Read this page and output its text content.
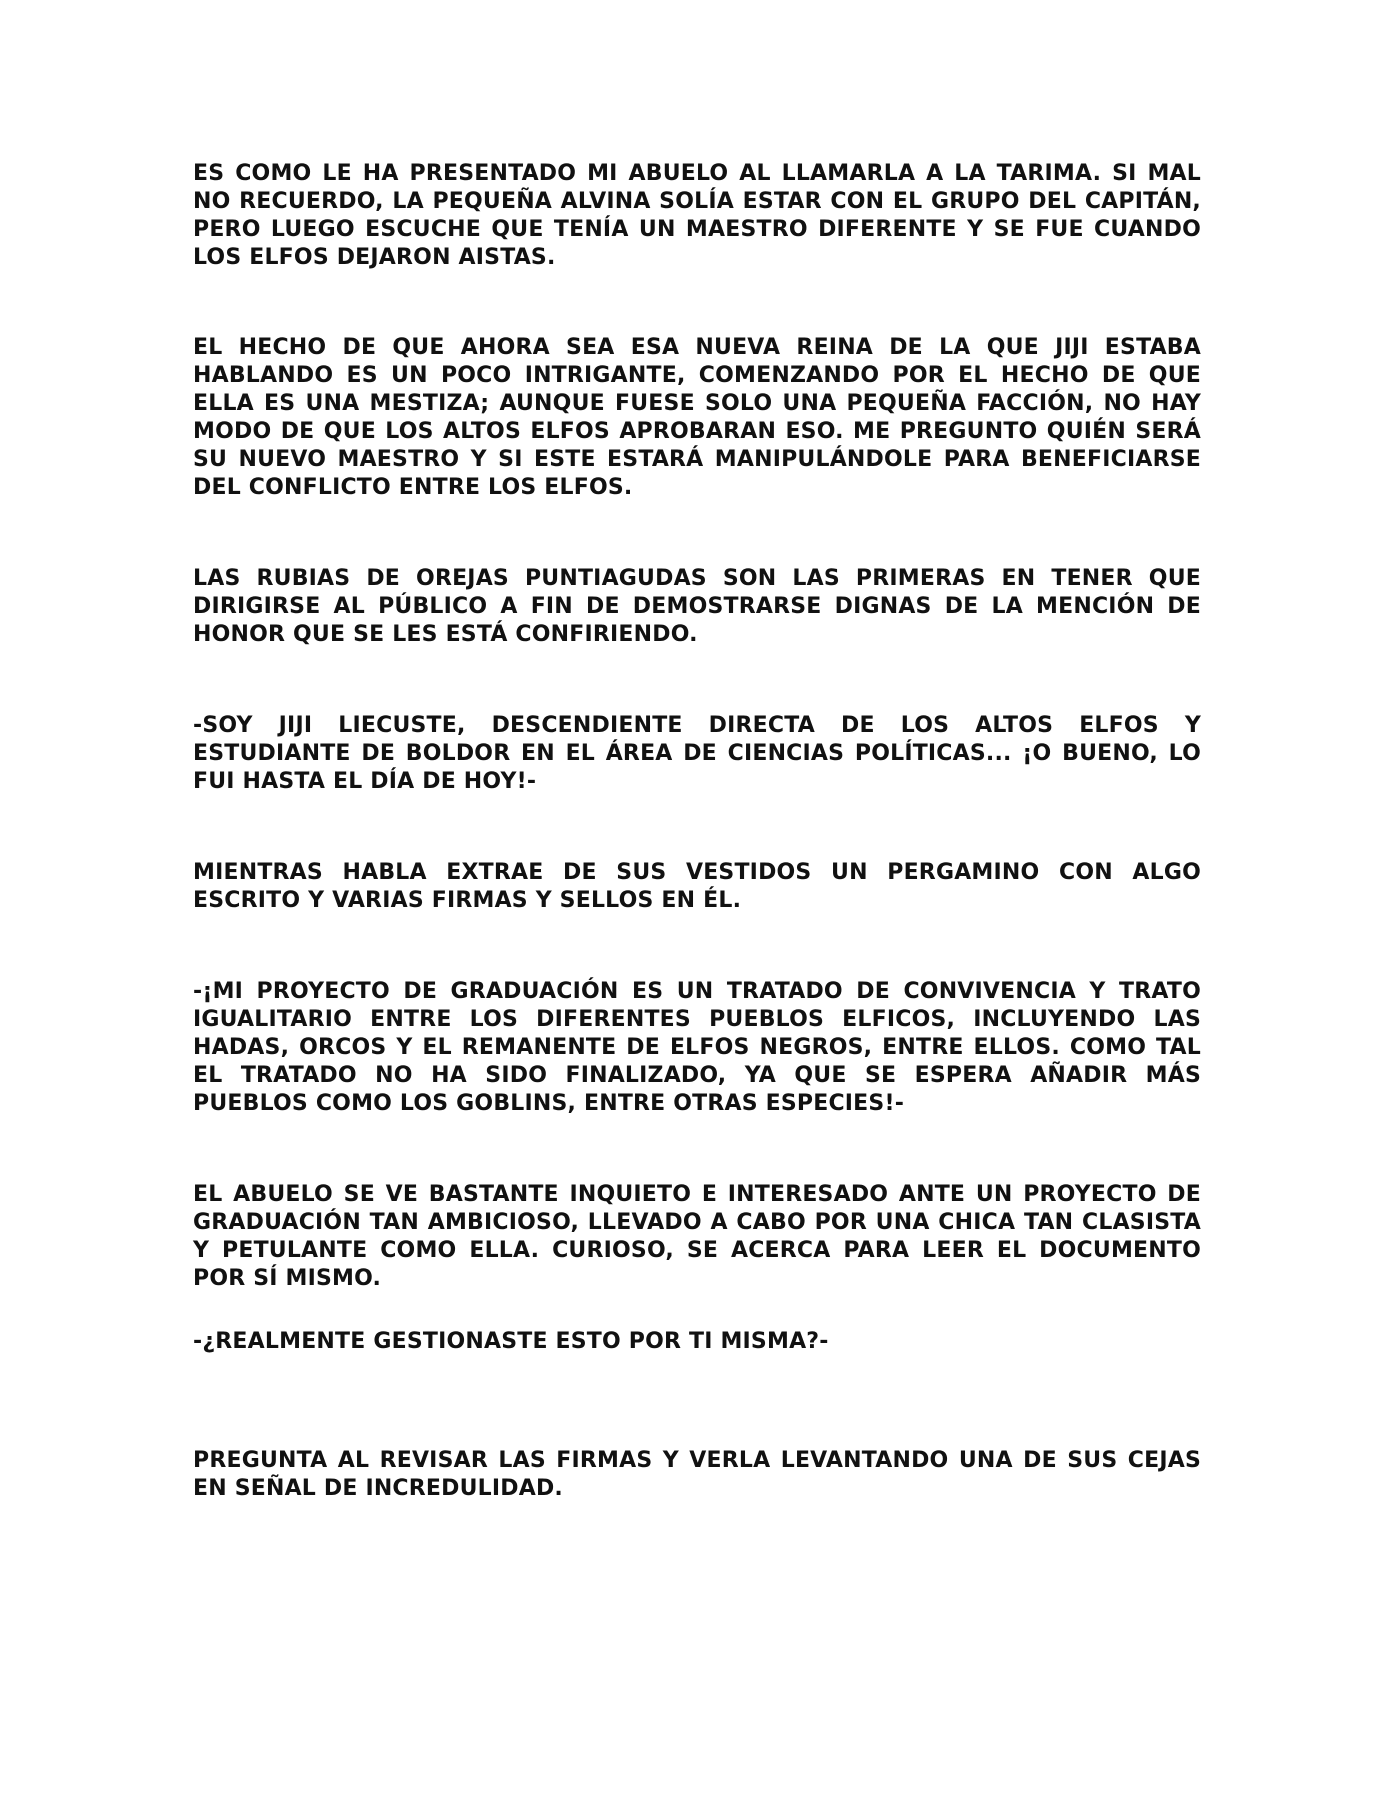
ES COMO LE HA PRESENTADO MI ABUELO AL LLAMARLA A LA TARIMA. SI MAL NO RECUERDO, LA PEQUEÑA ALVINA SOLÍA ESTAR CON EL GRUPO DEL CAPITÁN, PERO LUEGO ESCUCHE QUE TENÍA UN MAESTRO DIFERENTE Y SE FUE CUANDO LOS ELFOS DEJARON AISTAS.

EL HECHO DE QUE AHORA SEA ESA NUEVA REINA DE LA QUE JIJI ESTABA HABLANDO ES UN POCO INTRIGANTE, COMENZANDO POR EL HECHO DE QUE ELLA ES UNA MESTIZA; AUNQUE FUESE SOLO UNA PEQUEÑA FACCIÓN, NO HAY MODO DE QUE LOS ALTOS ELFOS APROBARAN ESO. ME PREGUNTO QUIÉN SERÁ SU NUEVO MAESTRO Y SI ESTE ESTARÁ MANIPULÁNDOLE PARA BENEFICIARSE DEL CONFLICTO ENTRE LOS ELFOS.

LAS RUBIAS DE OREJAS PUNTIAGUDAS SON LAS PRIMERAS EN TENER QUE DIRIGIRSE AL PÚBLICO A FIN DE DEMOSTRARSE DIGNAS DE LA MENCIÓN DE HONOR QUE SE LES ESTÁ CONFIRIENDO.

-SOY JIJI LIECUSTE, DESCENDIENTE DIRECTA DE LOS ALTOS ELFOS Y ESTUDIANTE DE BOLDOR EN EL ÁREA DE CIENCIAS POLÍTICAS... ¡O BUENO, LO FUI HASTA EL DÍA DE HOY!-

MIENTRAS HABLA EXTRAE DE SUS VESTIDOS UN PERGAMINO CON ALGO ESCRITO Y VARIAS FIRMAS Y SELLOS EN ÉL.

-¡MI PROYECTO DE GRADUACIÓN ES UN TRATADO DE CONVIVENCIA Y TRATO IGUALITARIO ENTRE LOS DIFERENTES PUEBLOS ELFICOS, INCLUYENDO LAS HADAS, ORCOS Y EL REMANENTE DE ELFOS NEGROS, ENTRE ELLOS. COMO TAL EL TRATADO NO HA SIDO FINALIZADO, YA QUE SE ESPERA AÑADIR MÁS PUEBLOS COMO LOS GOBLINS, ENTRE OTRAS ESPECIES!-

EL ABUELO SE VE BASTANTE INQUIETO E INTERESADO ANTE UN PROYECTO DE GRADUACIÓN TAN AMBICIOSO, LLEVADO A CABO POR UNA CHICA TAN CLASISTA Y PETULANTE COMO ELLA. CURIOSO, SE ACERCA PARA LEER EL DOCUMENTO POR SÍ MISMO.

-¿REALMENTE GESTIONASTE ESTO POR TI MISMA?-

PREGUNTA AL REVISAR LAS FIRMAS Y VERLA LEVANTANDO UNA DE SUS CEJAS EN SEÑAL DE INCREDULIDAD.
